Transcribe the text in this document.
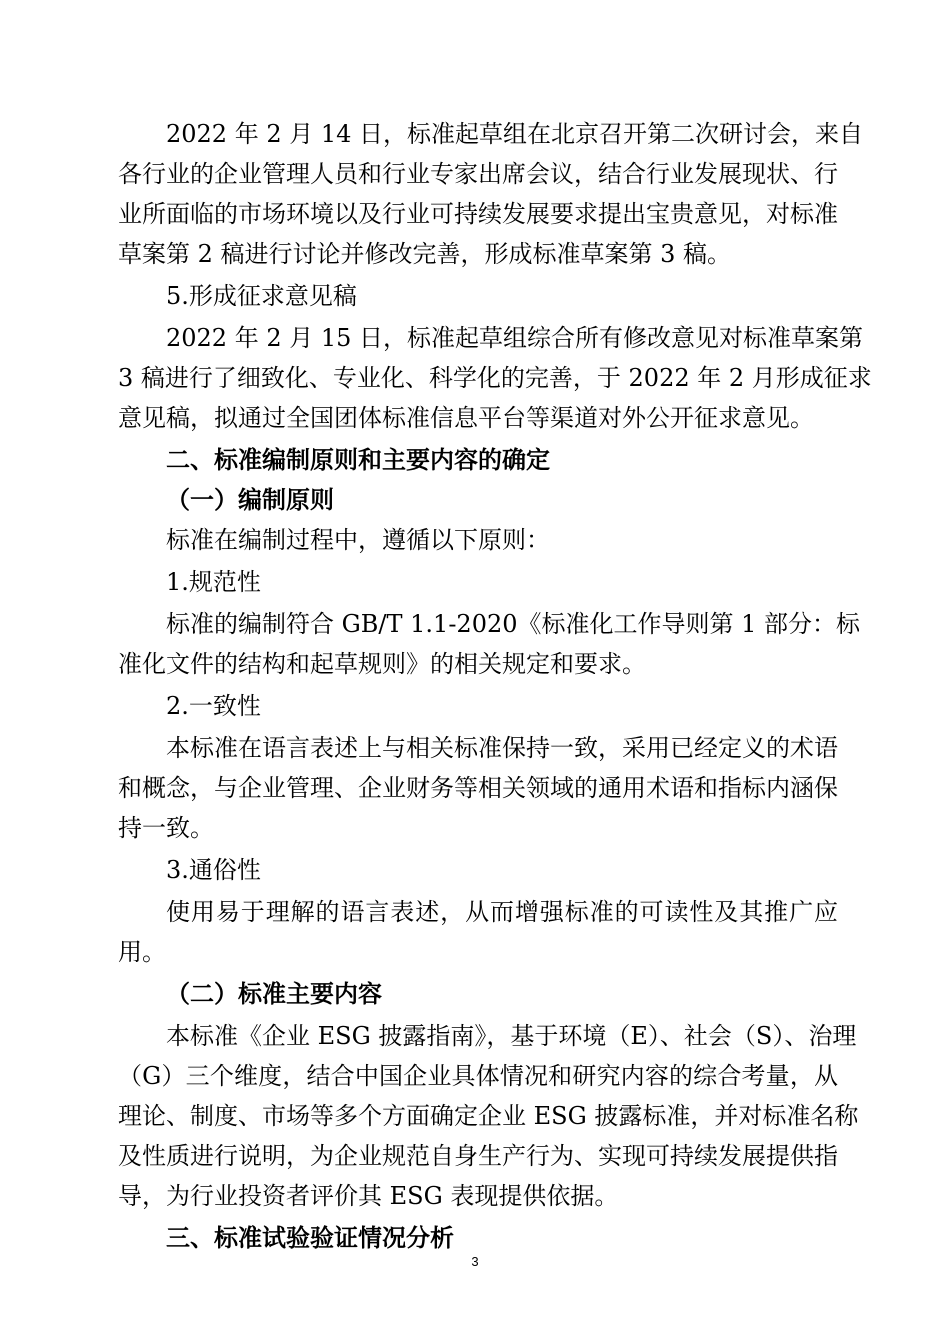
2022 年 2 月 14 日，标准起草组在北京召开第二次研讨会，来自
各行业的企业管理人员和行业专家出席会议，结合行业发展现状、行
业所面临的市场环境以及行业可持续发展要求提出宝贵意见，对标准
草案第 2 稿进行讨论并修改完善，形成标准草案第 3 稿。
5.形成征求意见稿
2022 年 2 月 15 日，标准起草组综合所有修改意见对标准草案第
3 稿进行了细致化、专业化、科学化的完善，于 2022 年 2 月形成征求
意见稿，拟通过全国团体标准信息平台等渠道对外公开征求意见。
二、标准编制原则和主要内容的确定
（一）编制原则
标准在编制过程中，遵循以下原则：
1.规范性
标准的编制符合 GB/T 1.1-2020《标准化工作导则第 1 部分：标
准化文件的结构和起草规则》的相关规定和要求。
2.一致性
本标准在语言表述上与相关标准保持一致，采用已经定义的术语
和概念，与企业管理、企业财务等相关领域的通用术语和指标内涵保
持一致。
3.通俗性
使用易于理解的语言表述，从而增强标准的可读性及其推广应
用。
（二）标准主要内容
本标准《企业 ESG 披露指南》，基于环境（E）、社会（S）、治理
（G）三个维度，结合中国企业具体情况和研究内容的综合考量，从
理论、制度、市场等多个方面确定企业 ESG 披露标准，并对标准名称
及性质进行说明，为企业规范自身生产行为、实现可持续发展提供指
导，为行业投资者评价其 ESG 表现提供依据。
三、标准试验验证情况分析
3
